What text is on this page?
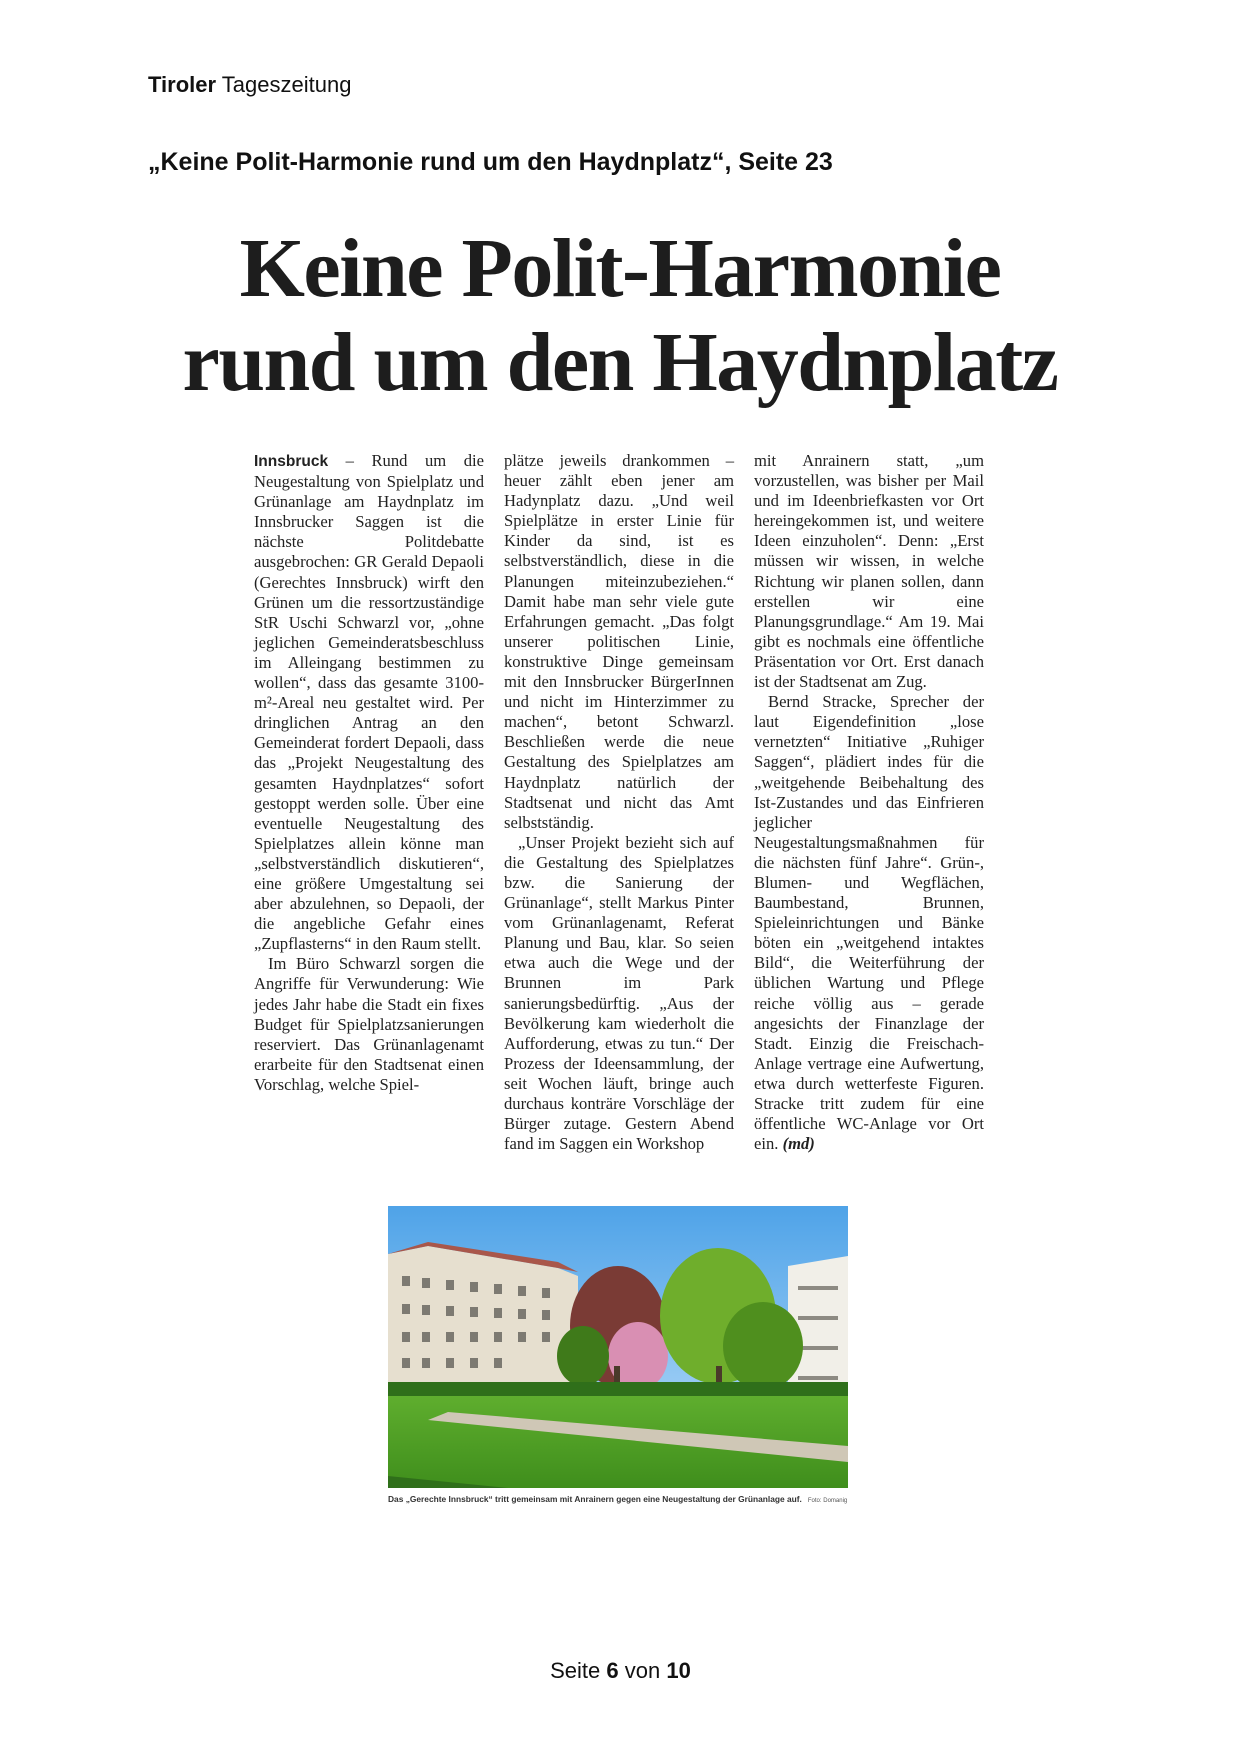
Tiroler Tageszeitung
„Keine Polit-Harmonie rund um den Haydnplatz“, Seite 23
Keine Polit-Harmonie
rund um den Haydnplatz

Innsbruck – Rund um die Neugestaltung von Spielplatz und Grünanlage am Haydnplatz im Innsbrucker Saggen ist die nächste Politdebatte ausgebrochen: GR Gerald Depaoli (Gerechtes Innsbruck) wirft den Grünen um die ressortzuständige StR Uschi Schwarzl vor, „ohne jeglichen Gemeinderatsbeschluss im Alleingang bestimmen zu wollen“, dass das gesamte 3100-m²-Areal neu gestaltet wird. Per dringlichen Antrag an den Gemeinderat fordert Depaoli, dass das „Projekt Neugestaltung des gesamten Haydnplatzes“ sofort gestoppt werden solle. Über eine eventuelle Neugestaltung des Spielplatzes allein könne man „selbstverständlich diskutieren“, eine größere Umgestaltung sei aber abzulehnen, so Depaoli, der die angebliche Gefahr eines „Zupflasterns“ in den Raum stellt.

Im Büro Schwarzl sorgen die Angriffe für Verwunderung: Wie jedes Jahr habe die Stadt ein fixes Budget für Spielplatzsanierungen reserviert. Das Grünanlagenamt erarbeite für den Stadtsenat einen Vorschlag, welche Spiel-

plätze jeweils drankommen – heuer zählt eben jener am Hadynplatz dazu. „Und weil Spielplätze in erster Linie für Kinder da sind, ist es selbstverständlich, diese in die Planungen miteinzubeziehen.“ Damit habe man sehr viele gute Erfahrungen gemacht. „Das folgt unserer politischen Linie, konstruktive Dinge gemeinsam mit den Innsbrucker BürgerInnen und nicht im Hinterzimmer zu machen“, betont Schwarzl. Beschließen werde die neue Gestaltung des Spielplatzes am Haydnplatz natürlich der Stadtsenat und nicht das Amt selbstständig.

„Unser Projekt bezieht sich auf die Gestaltung des Spielplatzes bzw. die Sanierung der Grünanlage“, stellt Markus Pinter vom Grünanlagenamt, Referat Planung und Bau, klar. So seien etwa auch die Wege und der Brunnen im Park sanierungsbedürftig. „Aus der Bevölkerung kam wiederholt die Aufforderung, etwas zu tun.“ Der Prozess der Ideensammlung, der seit Wochen läuft, bringe auch durchaus konträre Vorschläge der Bürger zutage. Gestern Abend fand im Saggen ein Workshop

mit Anrainern statt, „um vorzustellen, was bisher per Mail und im Ideenbriefkasten vor Ort hereingekommen ist, und weitere Ideen einzuholen“. Denn: „Erst müssen wir wissen, in welche Richtung wir planen sollen, dann erstellen wir eine Planungsgrundlage.“ Am 19. Mai gibt es nochmals eine öffentliche Präsentation vor Ort. Erst danach ist der Stadtsenat am Zug.

Bernd Stracke, Sprecher der laut Eigendefinition „lose vernetzten“ Initiative „Ruhiger Saggen“, plädiert indes für die „weitgehende Beibehaltung des Ist-Zustandes und das Einfrieren jeglicher Neugestaltungsmaßnahmen für die nächsten fünf Jahre“. Grün-, Blumen- und Wegflächen, Baumbestand, Brunnen, Spieleinrichtungen und Bänke böten ein „weitgehend intaktes Bild“, die Weiterführung der üblichen Wartung und Pflege reiche völlig aus – gerade angesichts der Finanzlage der Stadt. Einzig die Freischach-Anlage vertrage eine Aufwertung, etwa durch wetterfeste Figuren. Stracke tritt zudem für eine öffentliche WC-Anlage vor Ort ein. (md)

Das „Gerechte Innsbruck“ tritt gemeinsam mit Anrainern gegen eine Neugestaltung der Grünanlage auf. Foto: Domanig
Seite 6 von 10
